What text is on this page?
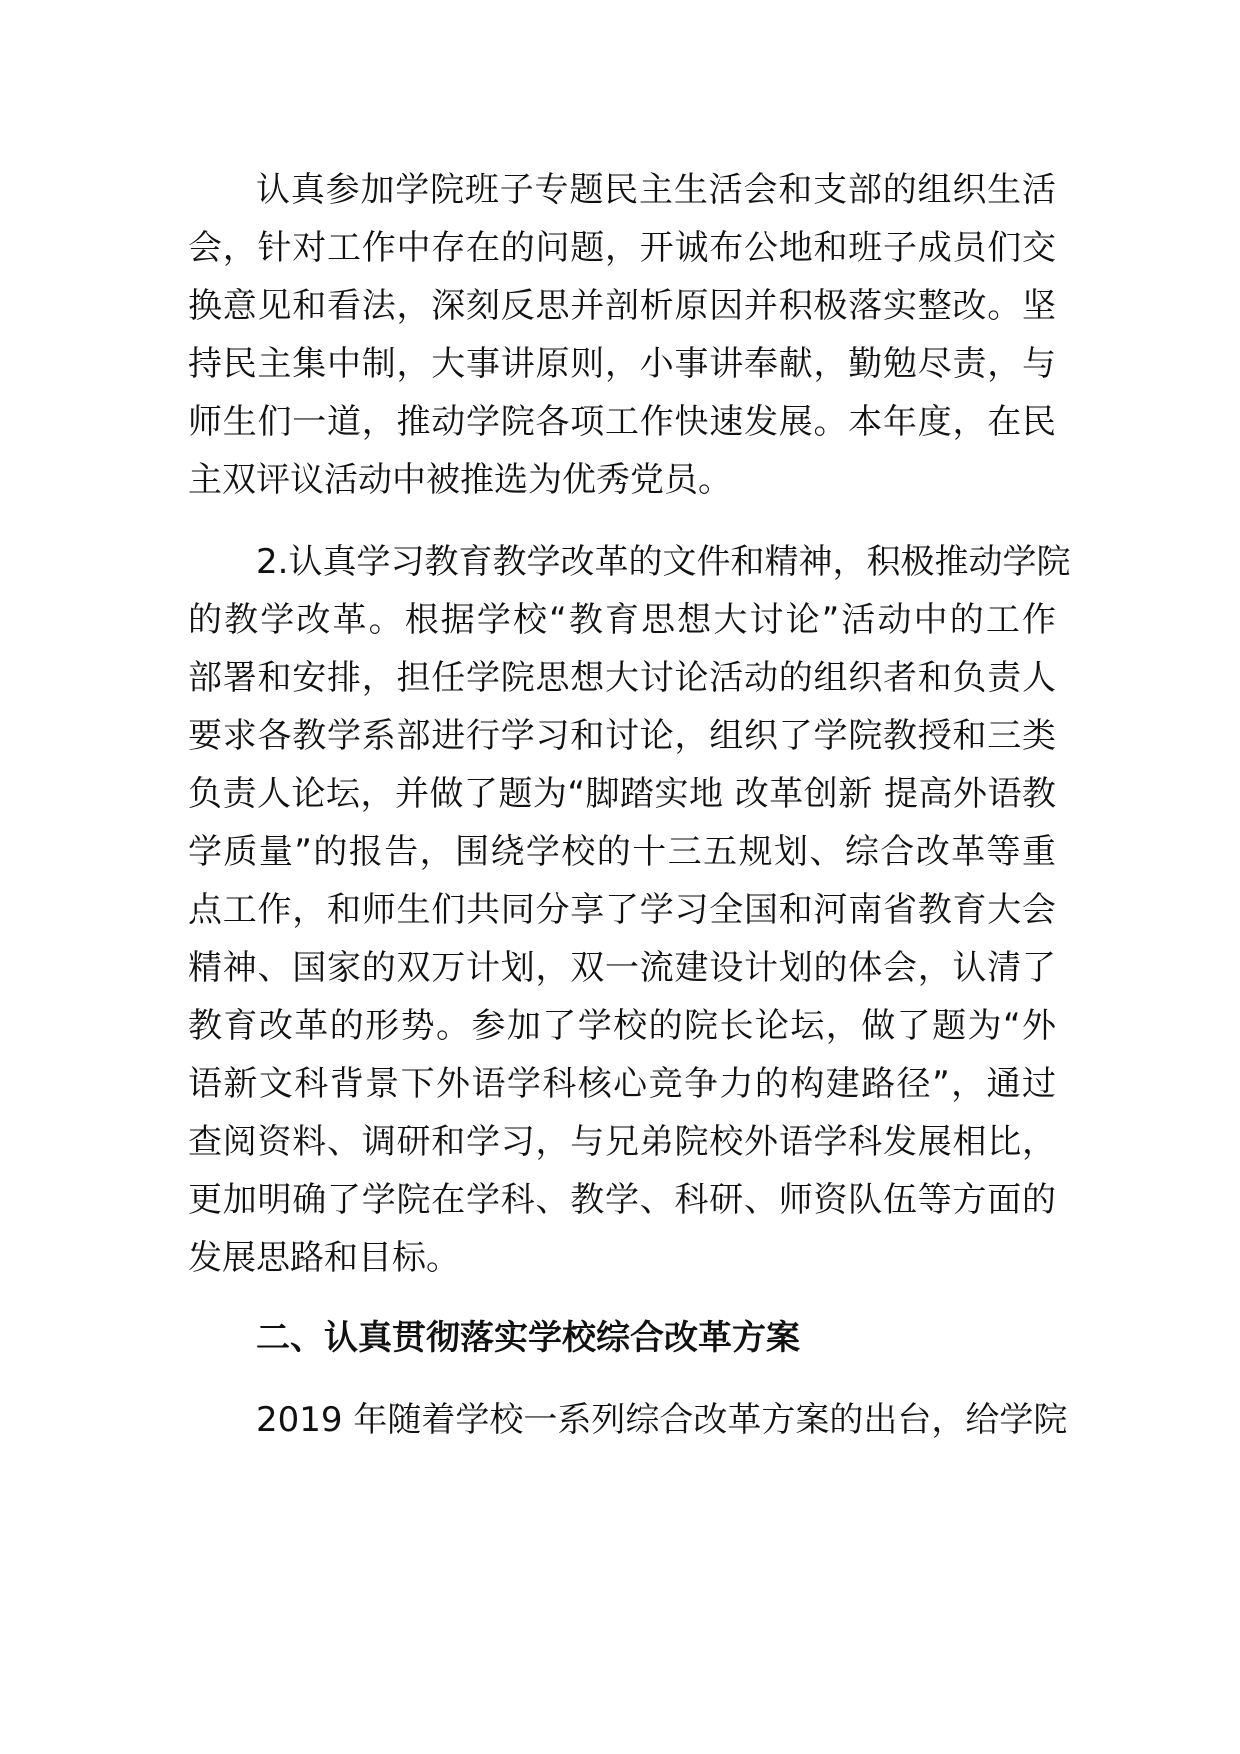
认真参加学院班子专题民主生活会和支部的组织生活
会，针对工作中存在的问题，开诚布公地和班子成员们交
换意见和看法，深刻反思并剖析原因并积极落实整改。坚
持民主集中制，大事讲原则，小事讲奉献，勤勉尽责，与
师生们一道，推动学院各项工作快速发展。本年度，在民
主双评议活动中被推选为优秀党员。
2.认真学习教育教学改革的文件和精神，积极推动学院
的教学改革。根据学校“教育思想大讨论”活动中的工作
部署和安排，担任学院思想大讨论活动的组织者和负责人
要求各教学系部进行学习和讨论，组织了学院教授和三类
负责人论坛，并做了题为“脚踏实地 改革创新 提高外语教
学质量”的报告，围绕学校的十三五规划、综合改革等重
点工作，和师生们共同分享了学习全国和河南省教育大会
精神、国家的双万计划，双一流建设计划的体会，认清了
教育改革的形势。参加了学校的院长论坛，做了题为“外
语新文科背景下外语学科核心竞争力的构建路径”，通过
查阅资料、调研和学习，与兄弟院校外语学科发展相比，
更加明确了学院在学科、教学、科研、师资队伍等方面的
发展思路和目标。
二、认真贯彻落实学校综合改革方案
2019 年随着学校一系列综合改革方案的出台，给学院
